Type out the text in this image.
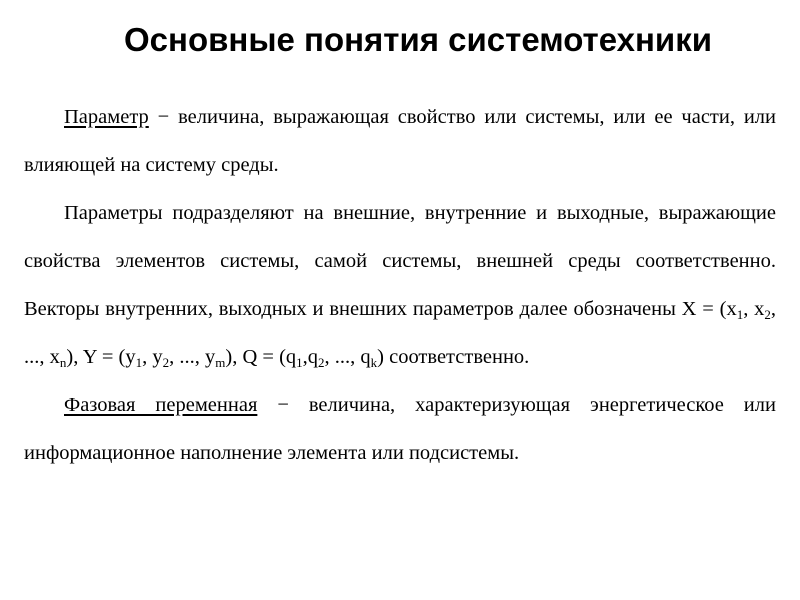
Основные понятия системотехники

Параметр − величина, выражающая свойство или системы, или ее части, или влияющей на систему среды.

Параметры подразделяют на внешние, внутренние и выходные, выражающие свойства элементов системы, самой системы, внешней среды соответственно. Векторы внутренних, выходных и внешних параметров далее обозначены $X = (x_1$, $x_2$, ..., $x_n$), $Y = (y_1$, $y_2$, ..., $y_m$), $Q = (q_1,q_2$, ..., $q_k$) соответственно.

Фазовая переменная − величина, характеризующая энергетическое или информационное наполнение элемента или подсистемы.
